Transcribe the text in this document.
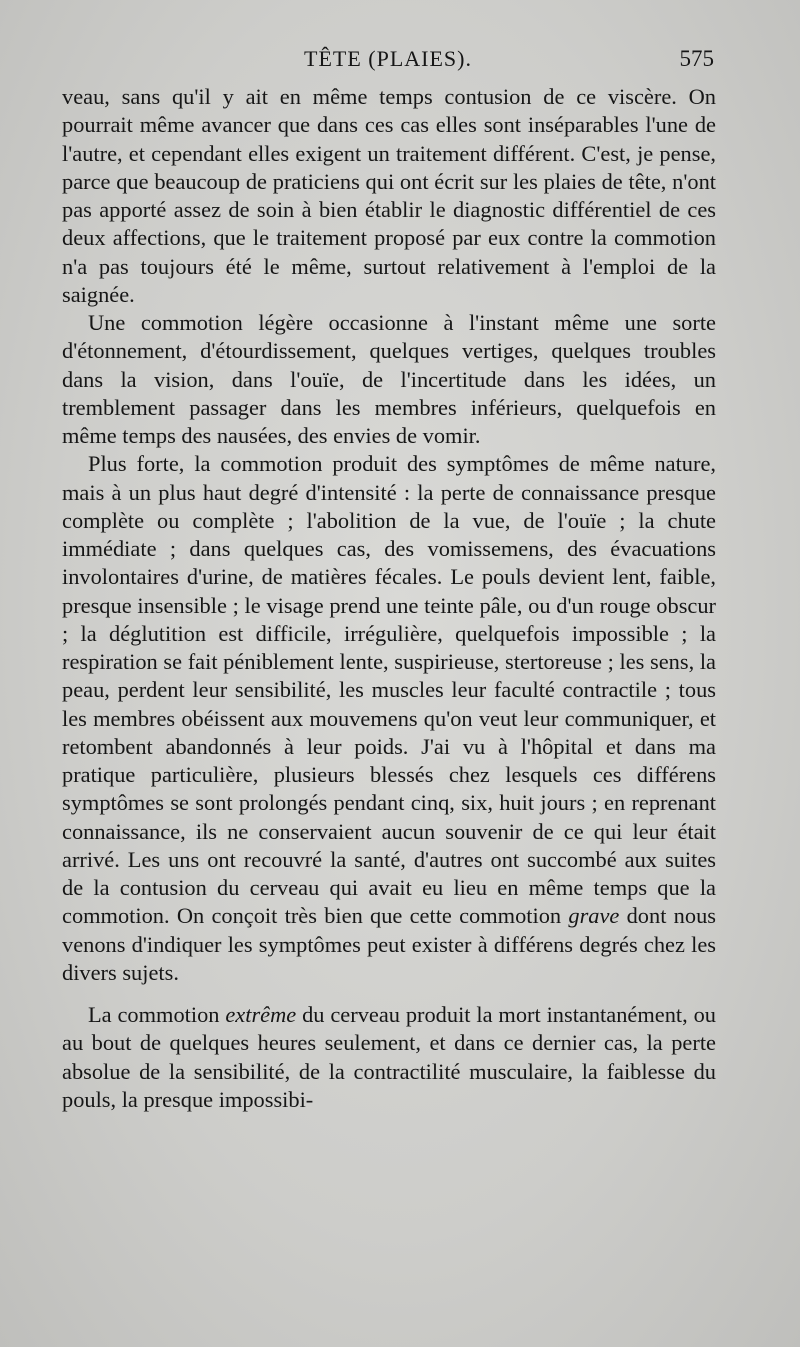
TÊTE (PLAIES).	575

veau, sans qu'il y ait en même temps contusion de ce viscère. On pourrait même avancer que dans ces cas elles sont inséparables l'une de l'autre, et cependant elles exigent un traitement différent. C'est, je pense, parce que beaucoup de praticiens qui ont écrit sur les plaies de tête, n'ont pas apporté assez de soin à bien établir le diagnostic différentiel de ces deux affections, que le traitement proposé par eux contre la commotion n'a pas toujours été le même, surtout relativement à l'emploi de la saignée.

Une commotion légère occasionne à l'instant même une sorte d'étonnement, d'étourdissement, quelques vertiges, quelques troubles dans la vision, dans l'ouïe, de l'incertitude dans les idées, un tremblement passager dans les membres inférieurs, quelquefois en même temps des nausées, des envies de vomir.

Plus forte, la commotion produit des symptômes de même nature, mais à un plus haut degré d'intensité : la perte de connaissance presque complète ou complète ; l'abolition de la vue, de l'ouïe ; la chute immédiate ; dans quelques cas, des vomissemens, des évacuations involontaires d'urine, de matières fécales. Le pouls devient lent, faible, presque insensible ; le visage prend une teinte pâle, ou d'un rouge obscur ; la déglutition est difficile, irrégulière, quelquefois impossible ; la respiration se fait péniblement lente, suspirieuse, stertoreuse ; les sens, la peau, perdent leur sensibilité, les muscles leur faculté contractile ; tous les membres obéissent aux mouvemens qu'on veut leur communiquer, et retombent abandonnés à leur poids. J'ai vu à l'hôpital et dans ma pratique particulière, plusieurs blessés chez lesquels ces différens symptômes se sont prolongés pendant cinq, six, huit jours ; en reprenant connaissance, ils ne conservaient aucun souvenir de ce qui leur était arrivé. Les uns ont recouvré la santé, d'autres ont succombé aux suites de la contusion du cerveau qui avait eu lieu en même temps que la commotion. On conçoit très bien que cette commotion grave dont nous venons d'indiquer les symptômes peut exister à différens degrés chez les divers sujets.

La commotion extrême du cerveau produit la mort instantanément, ou au bout de quelques heures seulement, et dans ce dernier cas, la perte absolue de la sensibilité, de la contractilité musculaire, la faiblesse du pouls, la presque impossibi-
